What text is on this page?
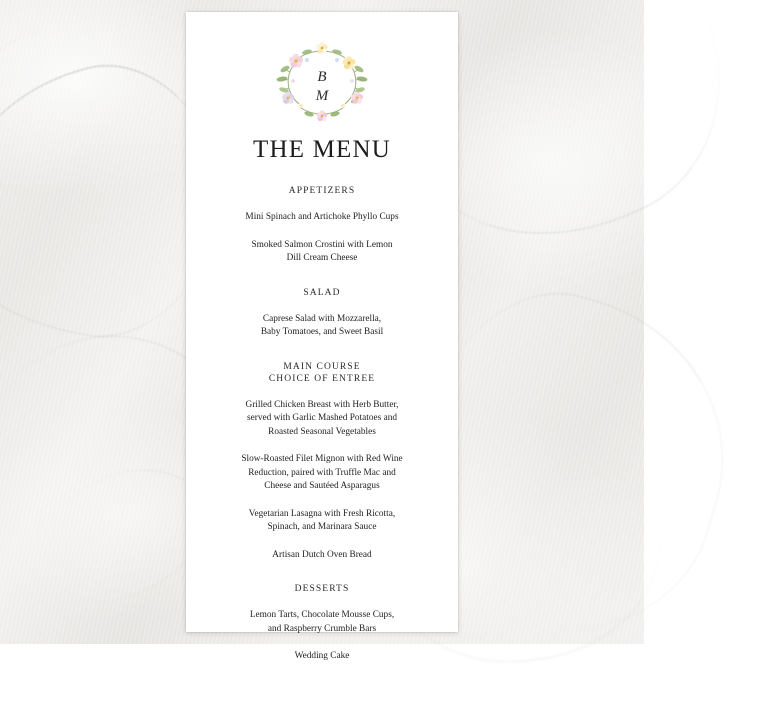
B
M
THE MENU
APPETIZERS
Mini Spinach and Artichoke Phyllo Cups
Smoked Salmon Crostini with Lemon
Dill Cream Cheese
SALAD
Caprese Salad with Mozzarella,
Baby Tomatoes, and Sweet Basil
MAIN COURSE
CHOICE OF ENTREE
Grilled Chicken Breast with Herb Butter,
served with Garlic Mashed Potatoes and
Roasted Seasonal Vegetables
Slow-Roasted Filet Mignon with Red Wine
Reduction, paired with Truffle Mac and
Cheese and Sautéed Asparagus
Vegetarian Lasagna with Fresh Ricotta,
Spinach, and Marinara Sauce
Artisan Dutch Oven Bread
DESSERTS
Lemon Tarts, Chocolate Mousse Cups,
and Raspberry Crumble Bars
Wedding Cake
